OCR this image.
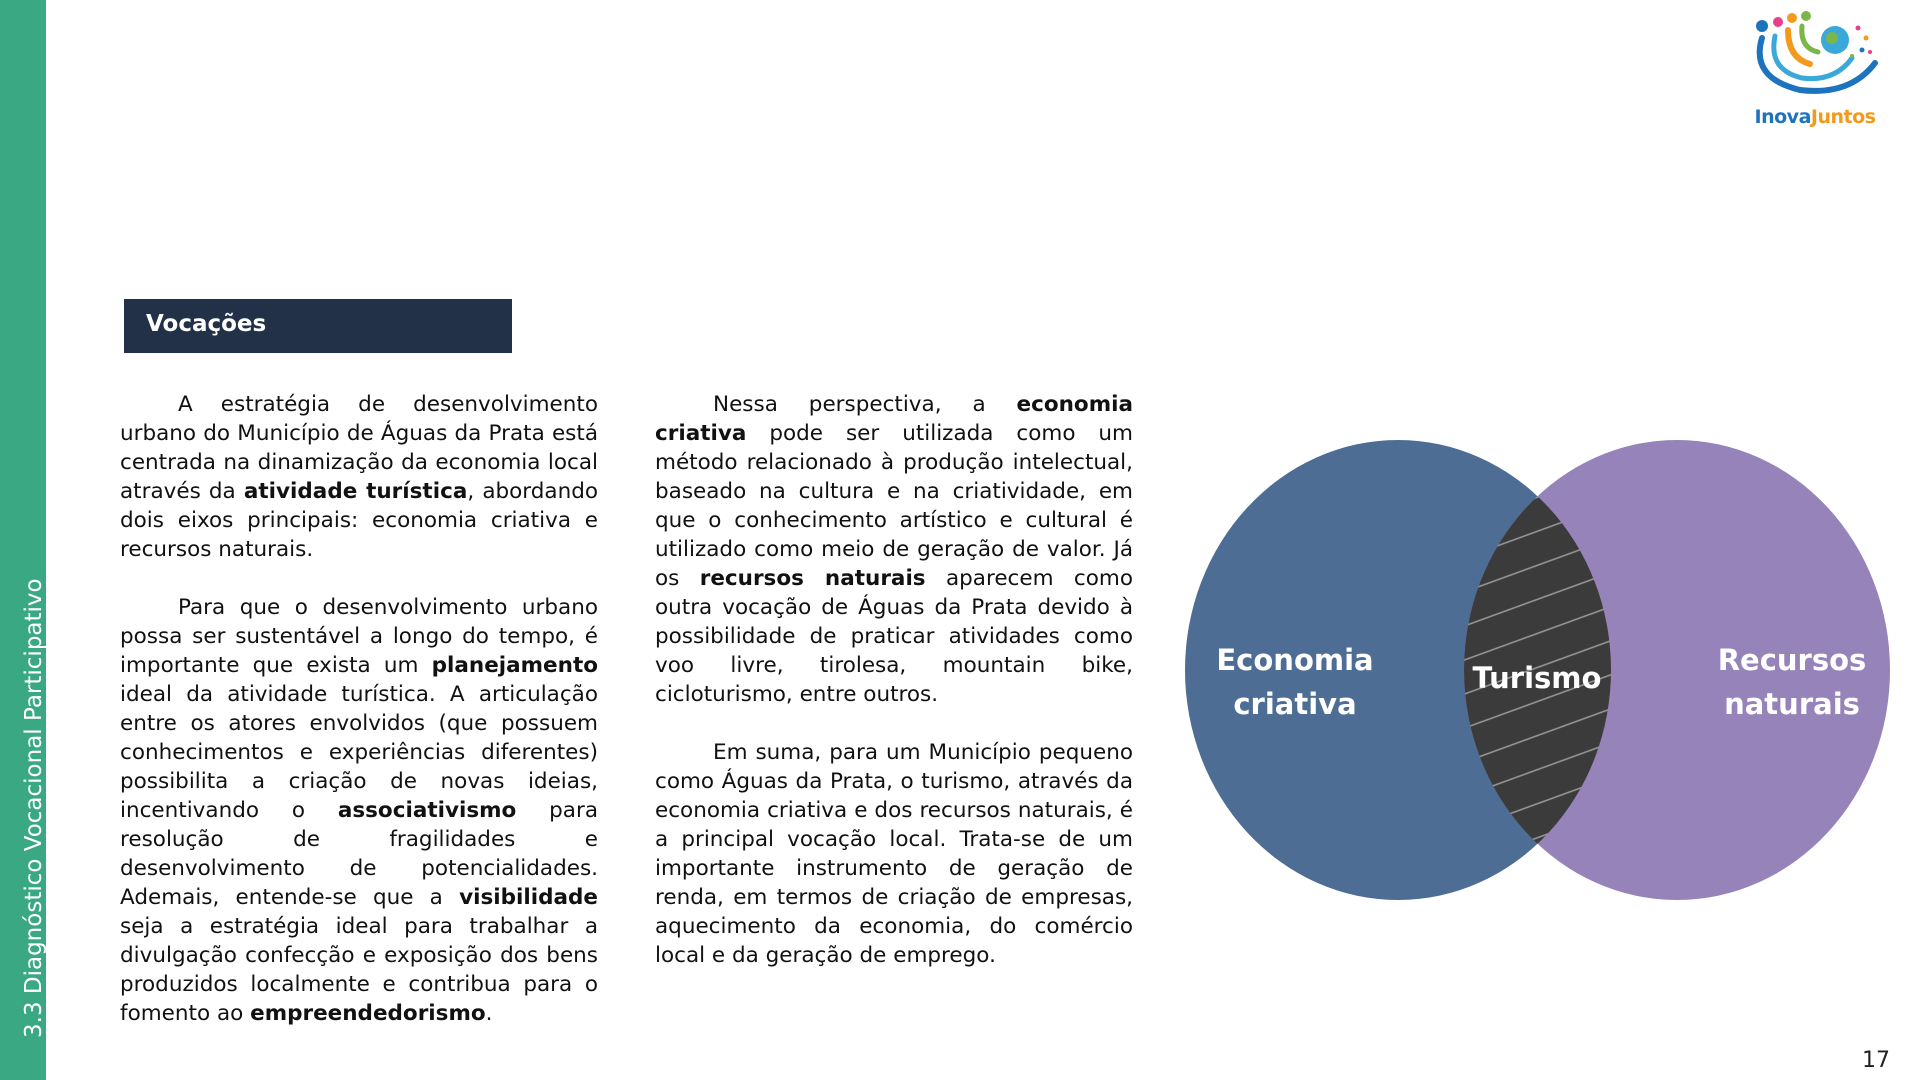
3.3 Diagnóstico Vocacional Participativo
InovaJuntos
Vocações

A estratégia de desenvolvimento urbano do Município de Águas da Prata está centrada na dinamização da economia local através da atividade turística, abordando dois eixos principais: economia criativa e recursos naturais.

Para que o desenvolvimento urbano possa ser sustentável a longo do tempo, é importante que exista um planejamento ideal da atividade turística. A articulação entre os atores envolvidos (que possuem conhecimentos e experiências diferentes) possibilita a criação de novas ideias, incentivando o associativismo para resolução de fragilidades e desenvolvimento de potencialidades. Ademais, entende-se que a visibilidade seja a estratégia ideal para trabalhar a divulgação confecção e exposição dos bens produzidos localmente e contribua para o fomento ao empreendedorismo.

Nessa perspectiva, a economia criativa pode ser utilizada como um método relacionado à produção intelectual, baseado na cultura e na criatividade, em que o conhecimento artístico e cultural é utilizado como meio de geração de valor. Já os recursos naturais aparecem como outra vocação de Águas da Prata devido à possibilidade de praticar atividades como voo livre, tirolesa, mountain bike, cicloturismo, entre outros.

Em suma, para um Município pequeno como Águas da Prata, o turismo, através da economia criativa e dos recursos naturais, é a principal vocação local. Trata-se de um importante instrumento de geração de renda, em termos de criação de empresas, aquecimento da economia, do comércio local e da geração de emprego.

Economia
criativa
Turismo
Recursos
naturais
17
